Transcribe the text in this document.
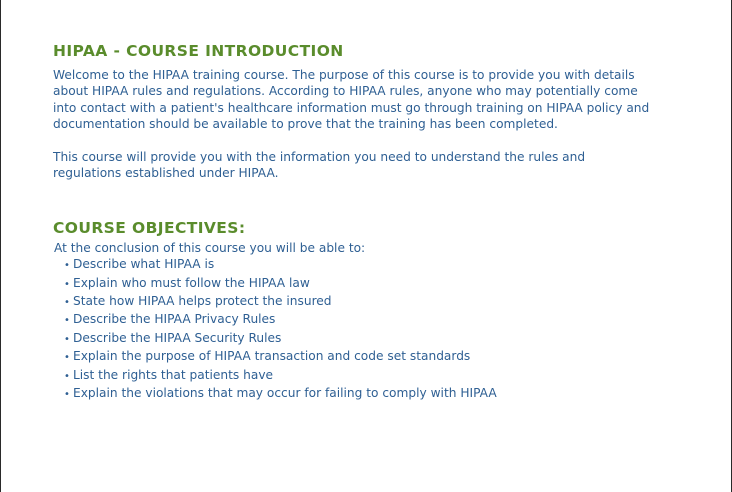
HIPAA - COURSE INTRODUCTION

Welcome to the HIPAA training course. The purpose of this course is to provide you with details about HIPAA rules and regulations. According to HIPAA rules, anyone who may potentially come into contact with a patient's healthcare information must go through training on HIPAA policy and documentation should be available to prove that the training has been completed.

This course will provide you with the information you need to understand the rules and regulations established under HIPAA.

COURSE OBJECTIVES:
At the conclusion of this course you will be able to:
• Describe what HIPAA is
• Explain who must follow the HIPAA law
• State how HIPAA helps protect the insured
• Describe the HIPAA Privacy Rules
• Describe the HIPAA Security Rules
• Explain the purpose of HIPAA transaction and code set standards
• List the rights that patients have
• Explain the violations that may occur for failing to comply with HIPAA
